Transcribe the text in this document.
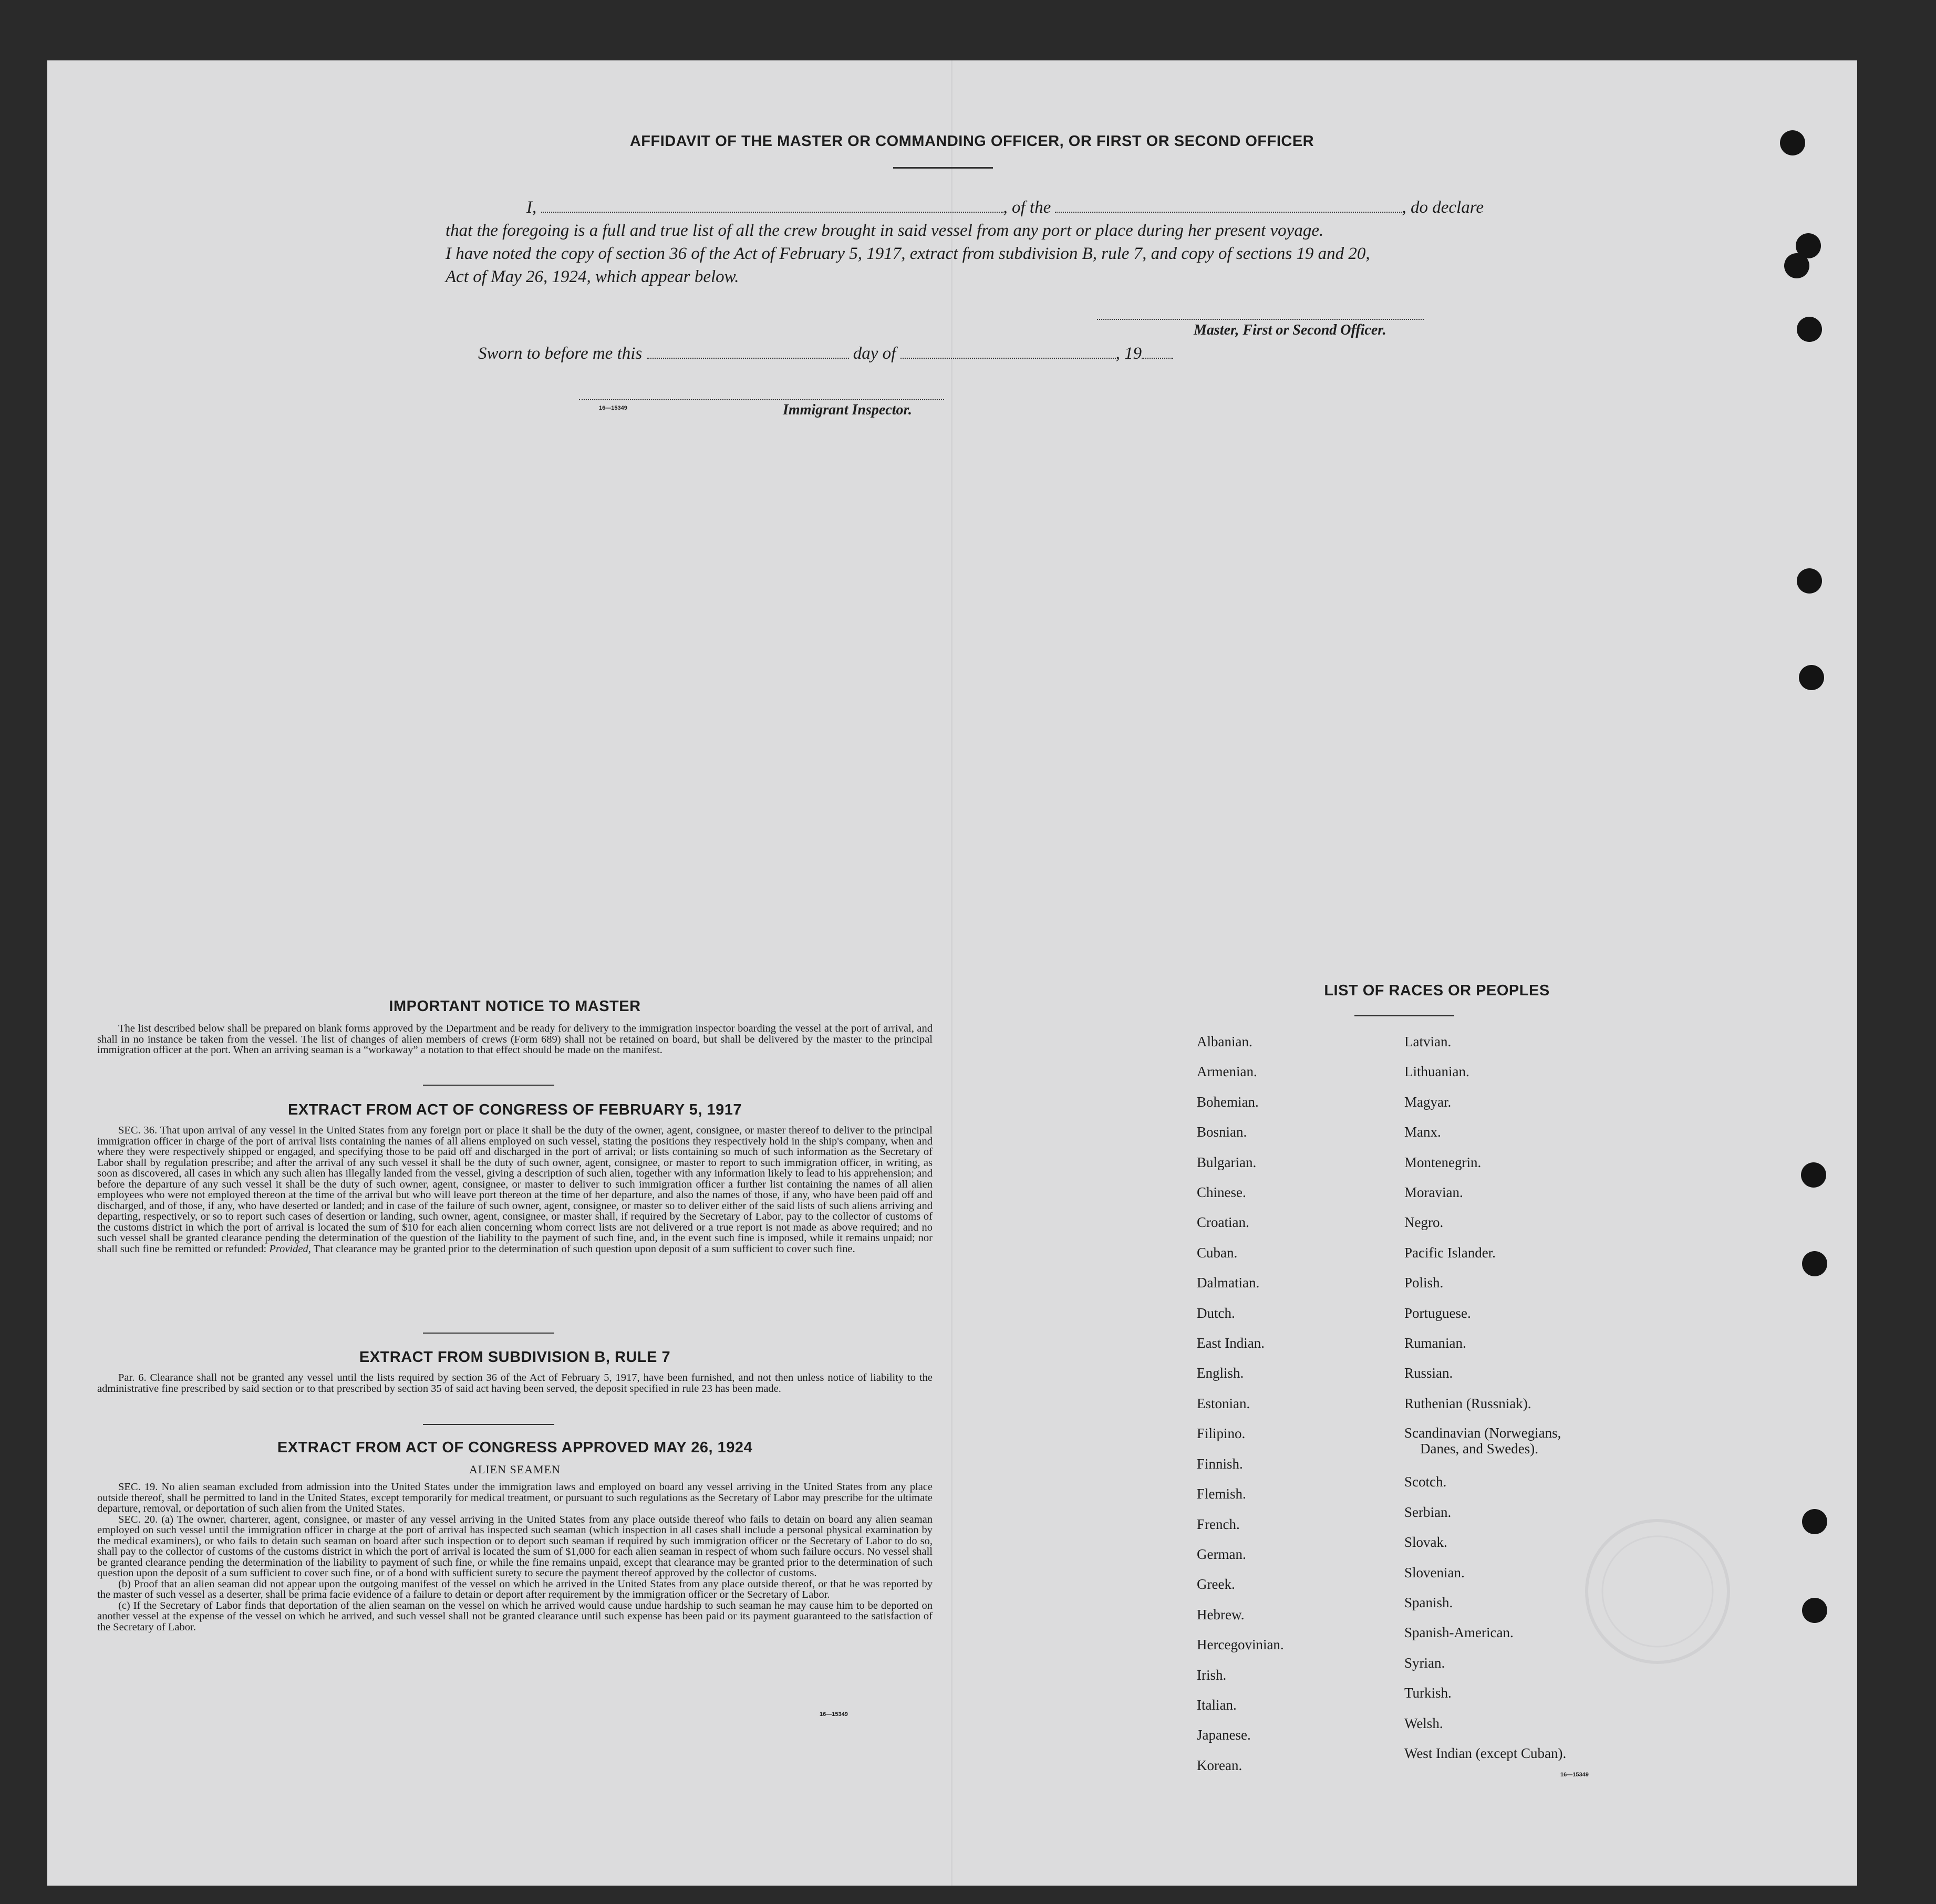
AFFIDAVIT OF THE MASTER OR COMMANDING OFFICER, OR FIRST OR SECOND OFFICER
I,	, of the	, do declare
that the foregoing is a full and true list of all the crew brought in said vessel from any port or place during her present voyage.
I have noted the copy of section 36 of the Act of February 5, 1917, extract from subdivision B, rule 7, and copy of sections 19 and 20,
Act of May 26, 1924, which appear below.
Master, First or Second Officer.
Sworn to before me this	day of	, 19
16—15349	Immigrant Inspector.
IMPORTANT NOTICE TO MASTER

The list described below shall be prepared on blank forms approved by the Department and be ready for delivery to the immigration inspector boarding the vessel at the port of arrival, and shall in no instance be taken from the vessel. The list of changes of alien members of crews (Form 689) shall not be retained on board, but shall be delivered by the master to the principal immigration officer at the port. When an arriving seaman is a “workaway” a notation to that effect should be made on the manifest.

EXTRACT FROM ACT OF CONGRESS OF FEBRUARY 5, 1917

SEC. 36. That upon arrival of any vessel in the United States from any foreign port or place it shall be the duty of the owner, agent, consignee, or master thereof to deliver to the principal immigration officer in charge of the port of arrival lists containing the names of all aliens employed on such vessel, stating the positions they respectively hold in the ship's company, when and where they were respectively shipped or engaged, and specifying those to be paid off and discharged in the port of arrival; or lists containing so much of such information as the Secretary of Labor shall by regulation prescribe; and after the arrival of any such vessel it shall be the duty of such owner, agent, consignee, or master to report to such immigration officer, in writing, as soon as discovered, all cases in which any such alien has illegally landed from the vessel, giving a description of such alien, together with any information likely to lead to his apprehension; and before the departure of any such vessel it shall be the duty of such owner, agent, consignee, or master to deliver to such immigration officer a further list containing the names of all alien employees who were not employed thereon at the time of the arrival but who will leave port thereon at the time of her departure, and also the names of those, if any, who have been paid off and discharged, and of those, if any, who have deserted or landed; and in case of the failure of such owner, agent, consignee, or master so to deliver either of the said lists of such aliens arriving and departing, respectively, or so to report such cases of desertion or landing, such owner, agent, consignee, or master shall, if required by the Secretary of Labor, pay to the collector of customs of the customs district in which the port of arrival is located the sum of $10 for each alien concerning whom correct lists are not delivered or a true report is not made as above required; and no such vessel shall be granted clearance pending the determination of the question of the liability to the payment of such fine, and, in the event such fine is imposed, while it remains unpaid; nor shall such fine be remitted or refunded: Provided, That clearance may be granted prior to the determination of such question upon deposit of a sum sufficient to cover such fine.

EXTRACT FROM SUBDIVISION B, RULE 7

Par. 6. Clearance shall not be granted any vessel until the lists required by section 36 of the Act of February 5, 1917, have been furnished, and not then unless notice of liability to the administrative fine prescribed by said section or to that prescribed by section 35 of said act having been served, the deposit specified in rule 23 has been made.

EXTRACT FROM ACT OF CONGRESS APPROVED MAY 26, 1924
ALIEN SEAMEN

SEC. 19. No alien seaman excluded from admission into the United States under the immigration laws and employed on board any vessel arriving in the United States from any place outside thereof, shall be permitted to land in the United States, except temporarily for medical treatment, or pursuant to such regulations as the Secretary of Labor may prescribe for the ultimate departure, removal, or deportation of such alien from the United States.

SEC. 20. (a) The owner, charterer, agent, consignee, or master of any vessel arriving in the United States from any place outside thereof who fails to detain on board any alien seaman employed on such vessel until the immigration officer in charge at the port of arrival has inspected such seaman (which inspection in all cases shall include a personal physical examination by the medical examiners), or who fails to detain such seaman on board after such inspection or to deport such seaman if required by such immigration officer or the Secretary of Labor to do so, shall pay to the collector of customs of the customs district in which the port of arrival is located the sum of $1,000 for each alien seaman in respect of whom such failure occurs. No vessel shall be granted clearance pending the determination of the liability to payment of such fine, or while the fine remains unpaid, except that clearance may be granted prior to the determination of such question upon the deposit of a sum sufficient to cover such fine, or of a bond with sufficient surety to secure the payment thereof approved by the collector of customs.

(b) Proof that an alien seaman did not appear upon the outgoing manifest of the vessel on which he arrived in the United States from any place outside thereof, or that he was reported by the master of such vessel as a deserter, shall be prima facie evidence of a failure to detain or deport after requirement by the immigration officer or the Secretary of Labor.

(c) If the Secretary of Labor finds that deportation of the alien seaman on the vessel on which he arrived would cause undue hardship to such seaman he may cause him to be deported on another vessel at the expense of the vessel on which he arrived, and such vessel shall not be granted clearance until such expense has been paid or its payment guaranteed to the satisfaction of the Secretary of Labor.

16—15349
LIST OF RACES OR PEOPLES
Albanian.
Armenian.
Bohemian.
Bosnian.
Bulgarian.
Chinese.
Croatian.
Cuban.
Dalmatian.
Dutch.
East Indian.
English.
Estonian.
Filipino.
Finnish.
Flemish.
French.
German.
Greek.
Hebrew.
Hercegovinian.
Irish.
Italian.
Japanese.
Korean.
Latvian.
Lithuanian.
Magyar.
Manx.
Montenegrin.
Moravian.
Negro.
Pacific Islander.
Polish.
Portuguese.
Rumanian.
Russian.
Ruthenian (Russniak).
Scandinavian (Norwegians,
Danes, and Swedes).
Scotch.
Serbian.
Slovak.
Slovenian.
Spanish.
Spanish-American.
Syrian.
Turkish.
Welsh.
West Indian (except Cuban).
16—15349
